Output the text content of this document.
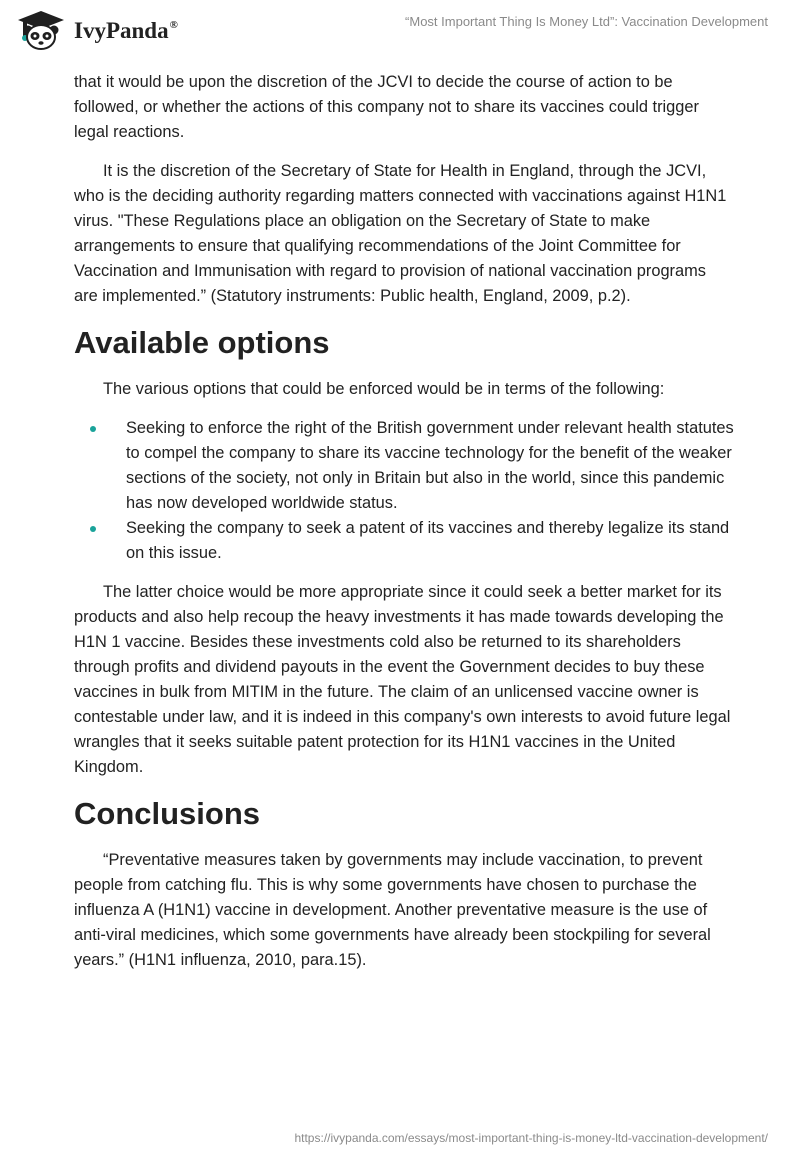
IvyPanda®	“Most Important Thing Is Money Ltd”: Vaccination Development

that it would be upon the discretion of the JCVI to decide the course of action to be followed, or whether the actions of this company not to share its vaccines could trigger legal reactions.

It is the discretion of the Secretary of State for Health in England, through the JCVI, who is the deciding authority regarding matters connected with vaccinations against H1N1 virus. "These Regulations place an obligation on the Secretary of State to make arrangements to ensure that qualifying recommendations of the Joint Committee for Vaccination and Immunisation with regard to provision of national vaccination programs are implemented.” (Statutory instruments: Public health, England, 2009, p.2).

Available options

The various options that could be enforced would be in terms of the following:

Seeking to enforce the right of the British government under relevant health statutes to compel the company to share its vaccine technology for the benefit of the weaker sections of the society, not only in Britain but also in the world, since this pandemic has now developed worldwide status.
Seeking the company to seek a patent of its vaccines and thereby legalize its stand on this issue.

The latter choice would be more appropriate since it could seek a better market for its products and also help recoup the heavy investments it has made towards developing the H1N 1 vaccine. Besides these investments cold also be returned to its shareholders through profits and dividend payouts in the event the Government decides to buy these vaccines in bulk from MITIM in the future. The claim of an unlicensed vaccine owner is contestable under law, and it is indeed in this company's own interests to avoid future legal wrangles that it seeks suitable patent protection for its H1N1 vaccines in the United Kingdom.

Conclusions

“Preventative measures taken by governments may include vaccination, to prevent people from catching flu. This is why some governments have chosen to purchase the influenza A (H1N1) vaccine in development. Another preventative measure is the use of anti-viral medicines, which some governments have already been stockpiling for several years.” (H1N1 influenza, 2010, para.15).

https://ivypanda.com/essays/most-important-thing-is-money-ltd-vaccination-development/
